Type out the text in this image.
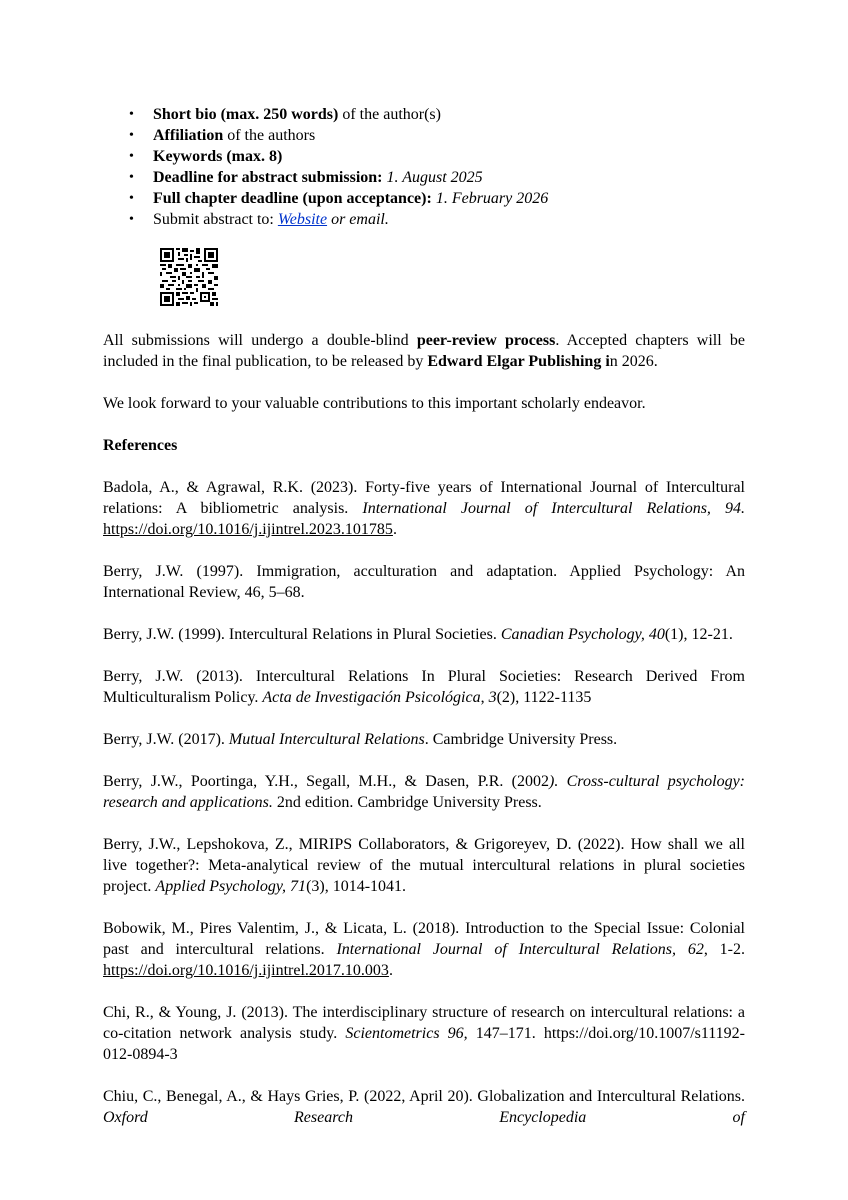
• Short bio (max. 250 words) of the author(s)
• Affiliation of the authors
• Keywords (max. 8)
• Deadline for abstract submission: 1. August 2025
• Full chapter deadline (upon acceptance): 1. February 2026
• Submit abstract to: Website or email.

All submissions will undergo a double-blind peer-review process. Accepted chapters will be included in the final publication, to be released by Edward Elgar Publishing in 2026.

We look forward to your valuable contributions to this important scholarly endeavor.

References

Badola, A., & Agrawal, R.K. (2023). Forty-five years of International Journal of Intercultural relations: A bibliometric analysis. International Journal of Intercultural Relations, 94. https://doi.org/10.1016/j.ijintrel.2023.101785.

Berry, J.W. (1997). Immigration, acculturation and adaptation. Applied Psychology: An International Review, 46, 5–68.

Berry, J.W. (1999). Intercultural Relations in Plural Societies. Canadian Psychology, 40(1), 12-21.

Berry, J.W. (2013). Intercultural Relations In Plural Societies: Research Derived From Multiculturalism Policy. Acta de Investigación Psicológica, 3(2), 1122-1135

Berry, J.W. (2017). Mutual Intercultural Relations. Cambridge University Press.

Berry, J.W., Poortinga, Y.H., Segall, M.H., & Dasen, P.R. (2002). Cross-cultural psychology: research and applications. 2nd edition. Cambridge University Press.

Berry, J.W., Lepshokova, Z., MIRIPS Collaborators, & Grigoreyev, D. (2022). How shall we all live together?: Meta-analytical review of the mutual intercultural relations in plural societies project. Applied Psychology, 71(3), 1014-1041.

Bobowik, M., Pires Valentim, J., & Licata, L. (2018). Introduction to the Special Issue: Colonial past and intercultural relations. International Journal of Intercultural Relations, 62, 1-2. https://doi.org/10.1016/j.ijintrel.2017.10.003.

Chi, R., & Young, J. (2013). The interdisciplinary structure of research on intercultural relations: a co-citation network analysis study. Scientometrics 96, 147–171. https://doi.org/10.1007/s11192-012-0894-3

Chiu, C., Benegal, A., & Hays Gries, P. (2022, April 20). Globalization and Intercultural Relations. Oxford Research Encyclopedia of
